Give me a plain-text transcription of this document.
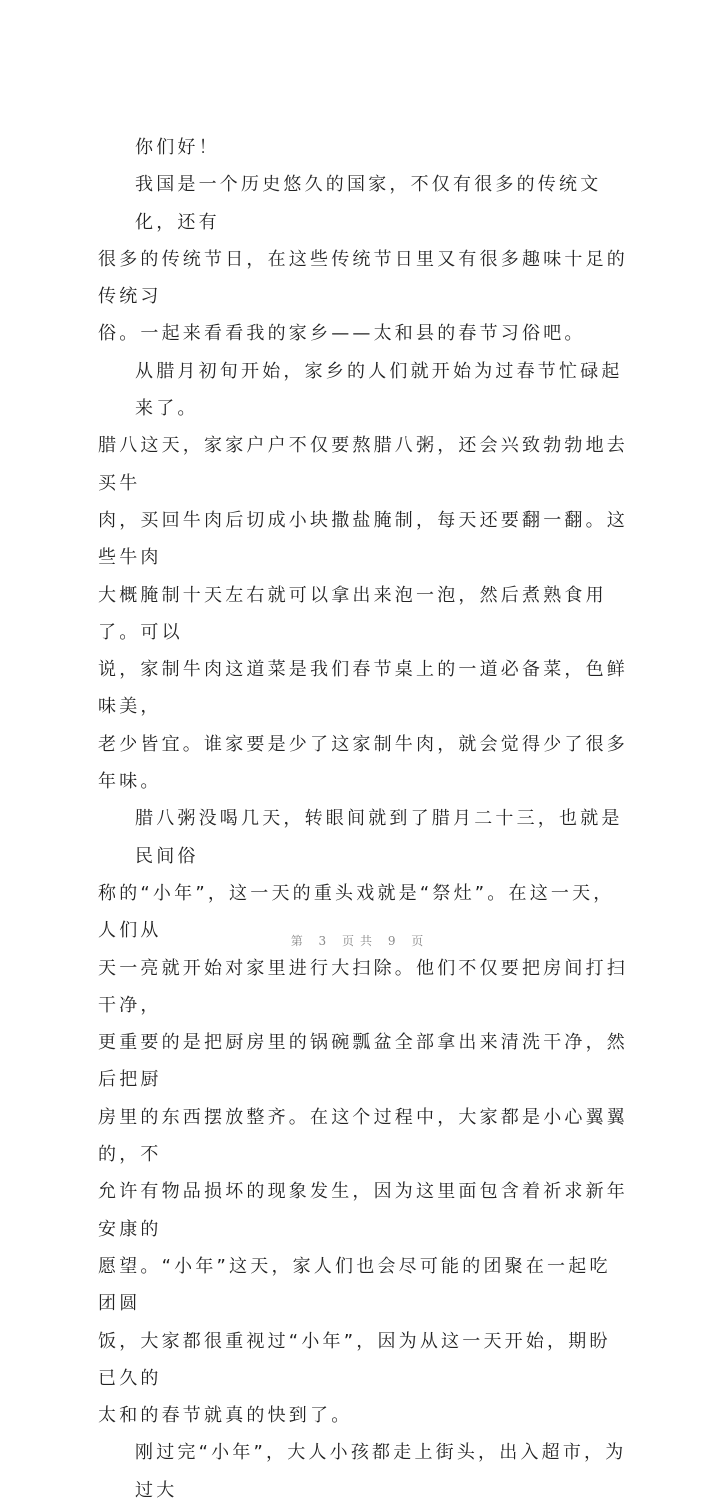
你们好！
我国是一个历史悠久的国家，不仅有很多的传统文化，还有
很多的传统节日，在这些传统节日里又有很多趣味十足的传统习
俗。一起来看看我的家乡——太和县的春节习俗吧。
从腊月初旬开始，家乡的人们就开始为过春节忙碌起来了。
腊八这天，家家户户不仅要熬腊八粥，还会兴致勃勃地去买牛
肉，买回牛肉后切成小块撒盐腌制，每天还要翻一翻。这些牛肉
大概腌制十天左右就可以拿出来泡一泡，然后煮熟食用了。可以
说，家制牛肉这道菜是我们春节桌上的一道必备菜，色鲜味美，
老少皆宜。谁家要是少了这家制牛肉，就会觉得少了很多年味。
腊八粥没喝几天，转眼间就到了腊月二十三，也就是民间俗
称的“小年”，这一天的重头戏就是“祭灶”。在这一天，人们从
天一亮就开始对家里进行大扫除。他们不仅要把房间打扫干净，
更重要的是把厨房里的锅碗瓢盆全部拿出来清洗干净，然后把厨
房里的东西摆放整齐。在这个过程中，大家都是小心翼翼的，不
允许有物品损坏的现象发生，因为这里面包含着祈求新年安康的
愿望。“小年”这天，家人们也会尽可能的团聚在一起吃团圆
饭，大家都很重视过“小年”，因为从这一天开始，期盼已久的
太和的春节就真的快到了。
刚过完“小年”，大人小孩都走上街头，出入超市，为过大
第 3 页共 9 页
